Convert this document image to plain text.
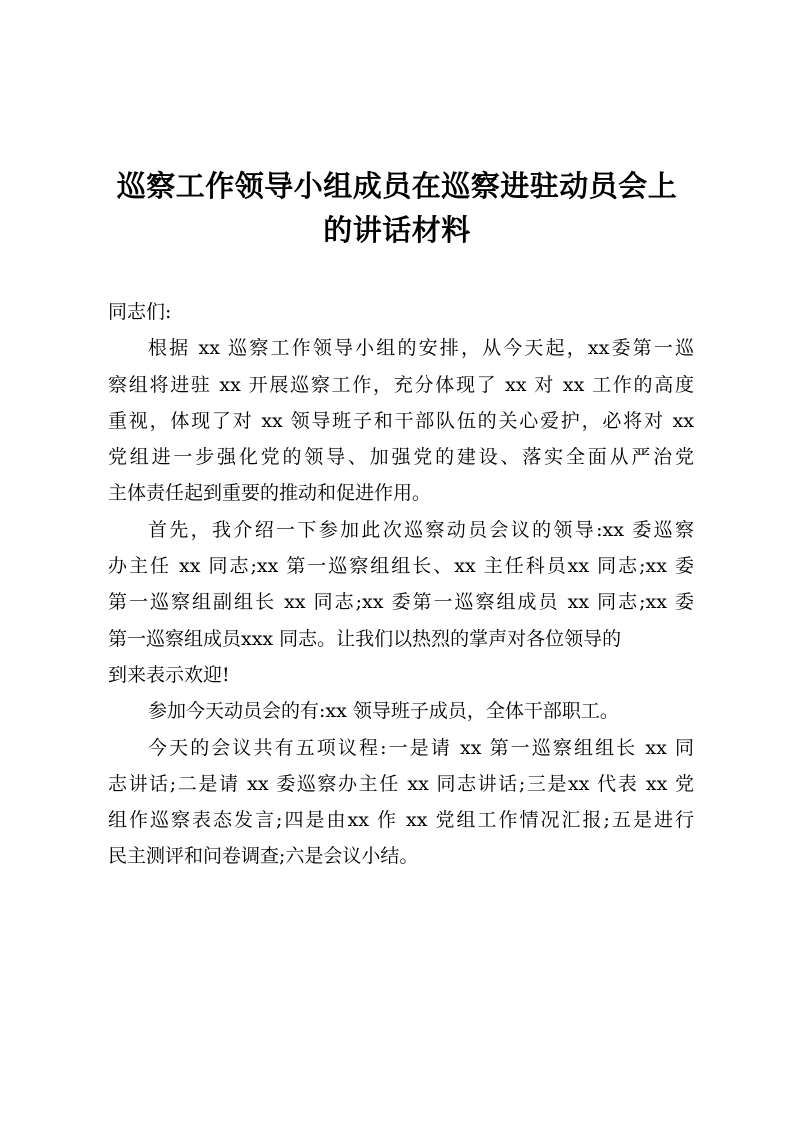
巡察工作领导小组成员在巡察进驻动员会上
的讲话材料
同志们:
根据 xx 巡察工作领导小组的安排，从今天起，xx委第一巡
察组将进驻 xx 开展巡察工作，充分体现了 xx 对 xx 工作的高度
重视，体现了对 xx 领导班子和干部队伍的关心爱护，必将对 xx
党组进一步强化党的领导、加强党的建设、落实全面从严治党
主体责任起到重要的推动和促进作用。
首先，我介绍一下参加此次巡察动员会议的领导:xx 委巡察
办主任 xx 同志;xx 第一巡察组组长、xx 主任科员xx 同志;xx 委
第一巡察组副组长 xx 同志;xx 委第一巡察组成员 xx 同志;xx 委
第一巡察组成员xxx 同志。让我们以热烈的掌声对各位领导的
到来表示欢迎!
参加今天动员会的有:xx 领导班子成员，全体干部职工。
今天的会议共有五项议程:一是请 xx 第一巡察组组长 xx 同
志讲话;二是请 xx 委巡察办主任 xx 同志讲话;三是xx 代表 xx 党
组作巡察表态发言;四是由xx 作 xx 党组工作情况汇报;五是进行
民主测评和问卷调查;六是会议小结。
